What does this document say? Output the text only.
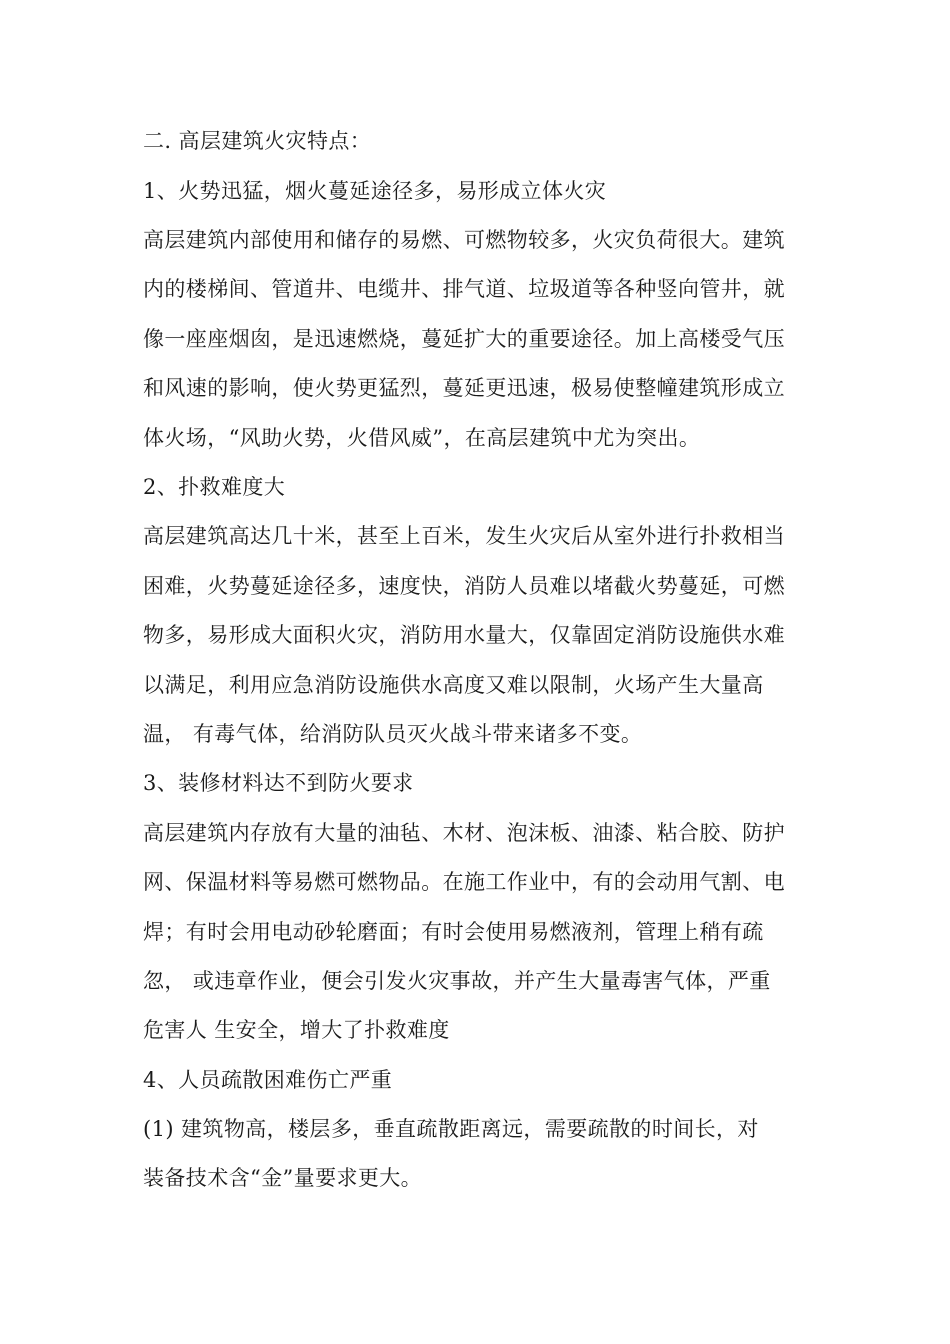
二. 高层建筑火灾特点：
1、火势迅猛，烟火蔓延途径多，易形成立体火灾
高层建筑内部使用和储存的易燃、可燃物较多，火灾负荷很大。建筑
内的楼梯间、管道井、电缆井、排气道、垃圾道等各种竖向管井，就
像一座座烟囱，是迅速燃烧，蔓延扩大的重要途径。加上高楼受气压
和风速的影响，使火势更猛烈，蔓延更迅速，极易使整幢建筑形成立
体火场，“风助火势，火借风威”，在高层建筑中尤为突出。
2、扑救难度大
高层建筑高达几十米，甚至上百米，发生火灾后从室外进行扑救相当
困难，火势蔓延途径多，速度快，消防人员难以堵截火势蔓延，可燃
物多，易形成大面积火灾，消防用水量大，仅靠固定消防设施供水难
以满足，利用应急消防设施供水高度又难以限制，火场产生大量高
温， 有毒气体，给消防队员灭火战斗带来诸多不变。
3、装修材料达不到防火要求
高层建筑内存放有大量的油毡、木材、泡沫板、油漆、粘合胶、防护
网、保温材料等易燃可燃物品。在施工作业中，有的会动用气割、电
焊；有时会用电动砂轮磨面；有时会使用易燃液剂，管理上稍有疏
忽， 或违章作业，便会引发火灾事故，并产生大量毒害气体，严重
危害人 生安全，增大了扑救难度
4、人员疏散困难伤亡严重
(1) 建筑物高，楼层多，垂直疏散距离远，需要疏散的时间长，对
装备技术含“金”量要求更大。
